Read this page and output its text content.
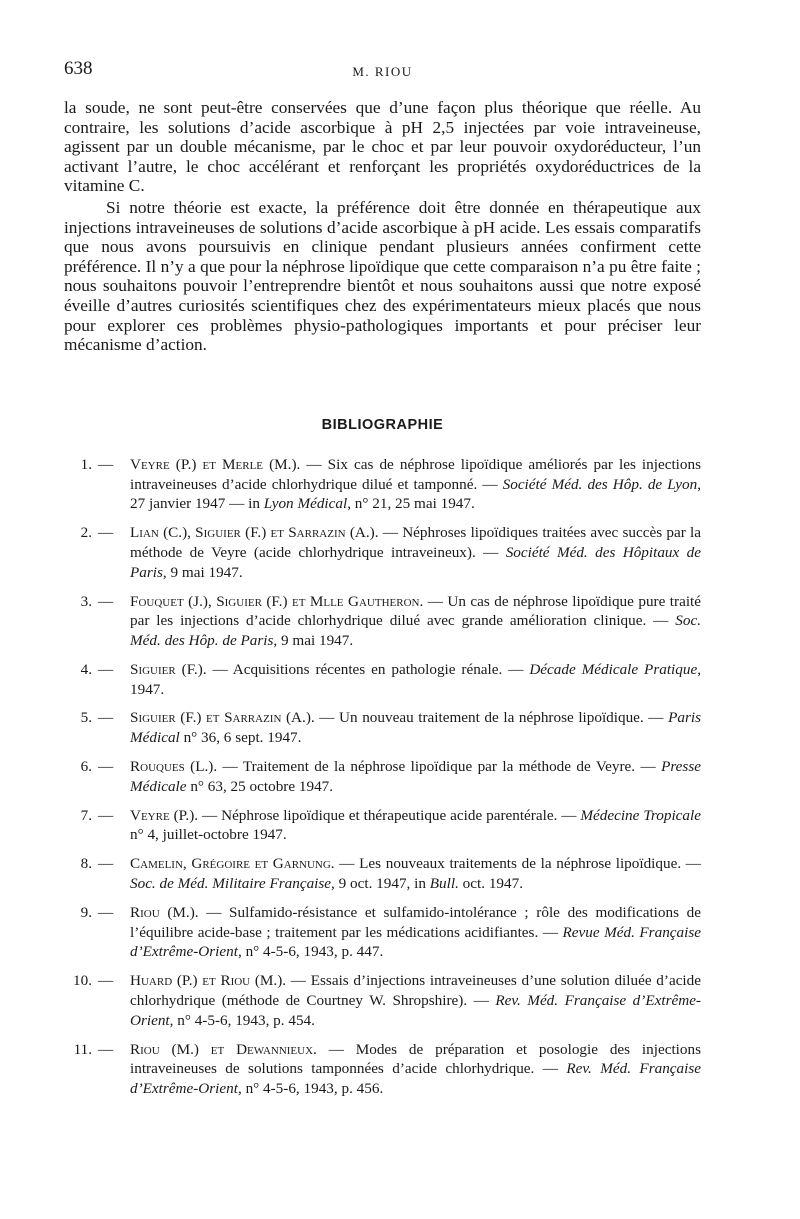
638	M. RIOU

la soude, ne sont peut-être conservées que d’une façon plus théorique que réelle. Au contraire, les solutions d’acide ascorbique à pH 2,5 injectées par voie intraveineuse, agissent par un double mécanisme, par le choc et par leur pouvoir oxydoréducteur, l’un activant l’autre, le choc accélérant et renforçant les propriétés oxydoréductrices de la vitamine C.

Si notre théorie est exacte, la préférence doit être donnée en thérapeutique aux injections intraveineuses de solutions d’acide ascorbique à pH acide. Les essais comparatifs que nous avons poursuivis en clinique pendant plusieurs années confirment cette préférence. Il n’y a que pour la néphrose lipoïdique que cette comparaison n’a pu être faite ; nous souhaitons pouvoir l’entreprendre bientôt et nous souhaitons aussi que notre exposé éveille d’autres curiosités scientifiques chez des expérimentateurs mieux placés que nous pour explorer ces problèmes physio-pathologiques importants et pour préciser leur mécanisme d’action.

BIBLIOGRAPHIE
1. — Veyre (P.) et Merle (M.). — Six cas de néphrose lipoïdique améliorés par les injections intraveineuses d’acide chlorhydrique dilué et tamponné. — Société Méd. des Hôp. de Lyon, 27 janvier 1947 — in Lyon Médical, n° 21, 25 mai 1947.
2. — Lian (C.), Siguier (F.) et Sarrazin (A.). — Néphroses lipoïdiques traitées avec succès par la méthode de Veyre (acide chlorhydrique intraveineux). — Société Méd. des Hôpitaux de Paris, 9 mai 1947.
3. — Fouquet (J.), Siguier (F.) et Mlle Gautheron. — Un cas de néphrose lipoïdique pure traité par les injections d’acide chlorhydrique dilué avec grande amélioration clinique. — Soc. Méd. des Hôp. de Paris, 9 mai 1947.
4. — Siguier (F.). — Acquisitions récentes en pathologie rénale. — Décade Médicale Pratique, 1947.
5. — Siguier (F.) et Sarrazin (A.). — Un nouveau traitement de la néphrose lipoïdique. — Paris Médical n° 36, 6 sept. 1947.
6. — Rouques (L.). — Traitement de la néphrose lipoïdique par la méthode de Veyre. — Presse Médicale n° 63, 25 octobre 1947.
7. — Veyre (P.). — Néphrose lipoïdique et thérapeutique acide parentérale. — Médecine Tropicale n° 4, juillet-octobre 1947.
8. — Camelin, Grégoire et Garnung. — Les nouveaux traitements de la néphrose lipoïdique. — Soc. de Méd. Militaire Française, 9 oct. 1947, in Bull. oct. 1947.
9. — Riou (M.). — Sulfamido-résistance et sulfamido-intolérance ; rôle des modifications de l’équilibre acide-base ; traitement par les médications acidifiantes. — Revue Méd. Française d’Extrême-Orient, n° 4-5-6, 1943, p. 447.
10. — Huard (P.) et Riou (M.). — Essais d’injections intraveineuses d’une solution diluée d’acide chlorhydrique (méthode de Courtney W. Shropshire). — Rev. Méd. Française d’Extrême-Orient, n° 4-5-6, 1943, p. 454.
11. — Riou (M.) et Dewannieux. — Modes de préparation et posologie des injections intraveineuses de solutions tamponnées d’acide chlorhydrique. — Rev. Méd. Française d’Extrême-Orient, n° 4-5-6, 1943, p. 456.
